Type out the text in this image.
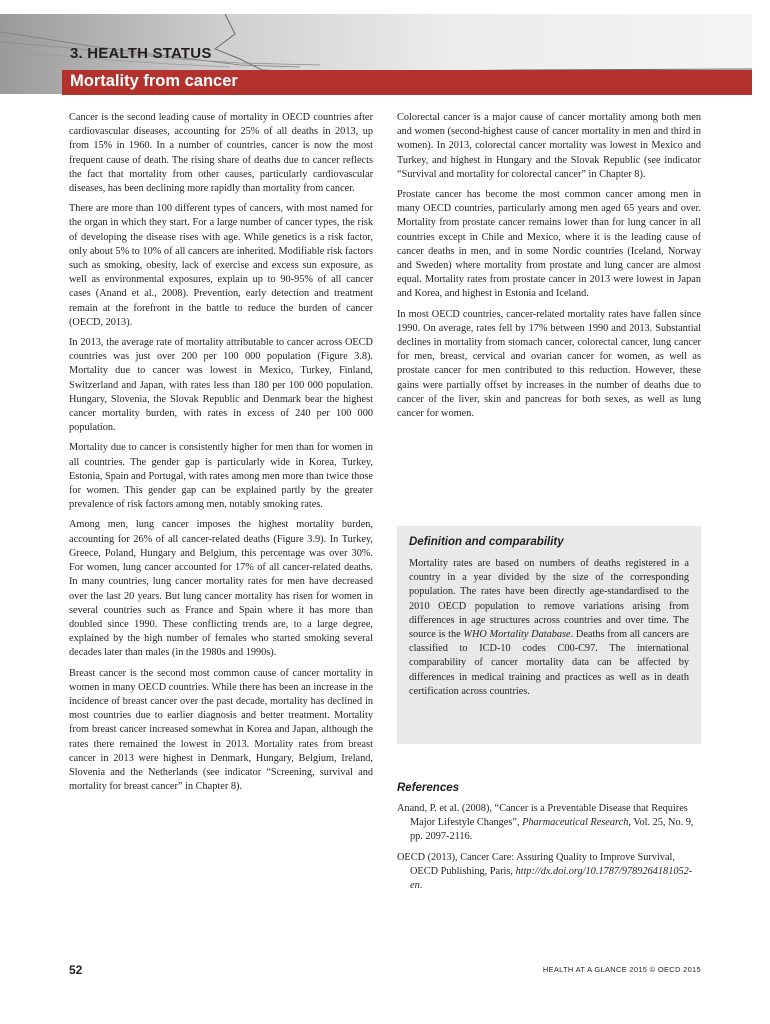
3. HEALTH STATUS
Mortality from cancer

Cancer is the second leading cause of mortality in OECD countries after cardiovascular diseases, accounting for 25% of all deaths in 2013, up from 15% in 1960. In a number of countries, cancer is now the most frequent cause of death. The rising share of deaths due to cancer reflects the fact that mortality from other causes, particularly cardiovascular diseases, has been declining more rapidly than mortality from cancer.

There are more than 100 different types of cancers, with most named for the organ in which they start. For a large number of cancer types, the risk of developing the disease rises with age. While genetics is a risk factor, only about 5% to 10% of all cancers are inherited. Modifiable risk factors such as smoking, obesity, lack of exercise and excess sun exposure, as well as environmental exposures, explain up to 90-95% of all cancer cases (Anand et al., 2008). Prevention, early detection and treatment remain at the forefront in the battle to reduce the burden of cancer (OECD, 2013).

In 2013, the average rate of mortality attributable to cancer across OECD countries was just over 200 per 100 000 population (Figure 3.8). Mortality due to cancer was lowest in Mexico, Turkey, Finland, Switzerland and Japan, with rates less than 180 per 100 000 population. Hungary, Slovenia, the Slovak Republic and Denmark bear the highest cancer mortality burden, with rates in excess of 240 per 100 000 population.

Mortality due to cancer is consistently higher for men than for women in all countries. The gender gap is particularly wide in Korea, Turkey, Estonia, Spain and Portugal, with rates among men more than twice those for women. This gender gap can be explained partly by the greater prevalence of risk factors among men, notably smoking rates.

Among men, lung cancer imposes the highest mortality burden, accounting for 26% of all cancer-related deaths (Figure 3.9). In Turkey, Greece, Poland, Hungary and Belgium, this percentage was over 30%. For women, lung cancer accounted for 17% of all cancer-related deaths. In many countries, lung cancer mortality rates for men have decreased over the last 20 years. But lung cancer mortality has risen for women in several countries such as France and Spain where it has more than doubled since 1990. These conflicting trends are, to a large degree, explained by the high number of females who started smoking several decades later than males (in the 1980s and 1990s).

Breast cancer is the second most common cause of cancer mortality in women in many OECD countries. While there has been an increase in the incidence of breast cancer over the past decade, mortality has declined in most countries due to earlier diagnosis and better treatment. Mortality from breast cancer increased somewhat in Korea and Japan, although the rates there remained the lowest in 2013. Mortality rates from breast cancer in 2013 were highest in Denmark, Hungary, Belgium, Ireland, Slovenia and the Netherlands (see indicator “Screening, survival and mortality for breast cancer” in Chapter 8).

Colorectal cancer is a major cause of cancer mortality among both men and women (second-highest cause of cancer mortality in men and third in women). In 2013, colorectal cancer mortality was lowest in Mexico and Turkey, and highest in Hungary and the Slovak Republic (see indicator “Survival and mortality for colorectal cancer” in Chapter 8).

Prostate cancer has become the most common cancer among men in many OECD countries, particularly among men aged 65 years and over. Mortality from prostate cancer remains lower than for lung cancer in all countries except in Chile and Mexico, where it is the leading cause of cancer deaths in men, and in some Nordic countries (Iceland, Norway and Sweden) where mortality from prostate and lung cancer are almost equal. Mortality rates from prostate cancer in 2013 were lowest in Japan and Korea, and highest in Estonia and Iceland.

In most OECD countries, cancer-related mortality rates have fallen since 1990. On average, rates fell by 17% between 1990 and 2013. Substantial declines in mortality from stomach cancer, colorectal cancer, lung cancer for men, breast, cervical and ovarian cancer for women, as well as prostate cancer for men contributed to this reduction. However, these gains were partially offset by increases in the number of deaths due to cancer of the liver, skin and pancreas for both sexes, as well as lung cancer for women.

Definition and comparability

Mortality rates are based on numbers of deaths registered in a country in a year divided by the size of the corresponding population. The rates have been directly age-standardised to the 2010 OECD population to remove variations arising from differences in age structures across countries and over time. The source is the WHO Mortality Database. Deaths from all cancers are classified to ICD-10 codes C00-C97. The international comparability of cancer mortality data can be affected by differences in medical training and practices as well as in death certification across countries.

References
Anand, P. et al. (2008), “Cancer is a Preventable Disease that Requires Major Lifestyle Changes”, Pharmaceutical Research, Vol. 25, No. 9, pp. 2097-2116.
OECD (2013), Cancer Care: Assuring Quality to Improve Survival, OECD Publishing, Paris, http://dx.doi.org/10.1787/9789264181052-en.
52	HEALTH AT A GLANCE 2015 © OECD 2015
